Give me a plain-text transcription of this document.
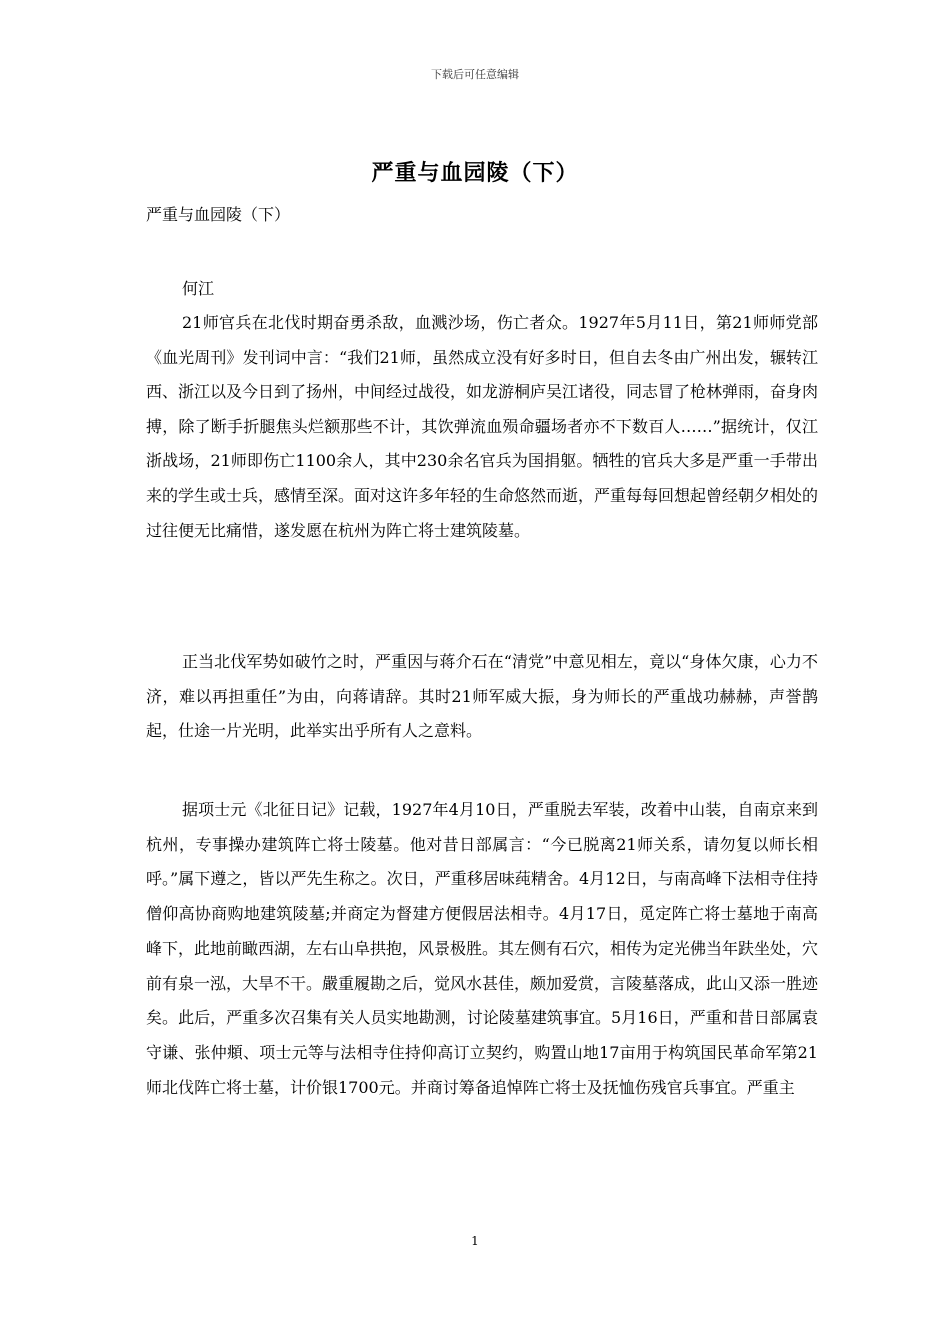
下载后可任意编辑
严重与血园陵（下）
严重与血园陵（下）
何江

21师官兵在北伐时期奋勇杀敌，血溅沙场，伤亡者众。1927年5月11日，第21师师党部《血光周刊》发刊词中言：“我们21师，虽然成立没有好多时日，但自去冬由广州出发，辗转江西、浙江以及今日到了扬州，中间经过战役，如龙游桐庐吴江诸役，同志冒了枪林弹雨，奋身肉搏，除了断手折腿焦头烂额那些不计，其饮弹流血殒命疆场者亦不下数百人……”据统计，仅江浙战场，21师即伤亡1100余人，其中230余名官兵为国捐躯。牺牲的官兵大多是严重一手带出来的学生或士兵，感情至深。面对这许多年轻的生命悠然而逝，严重每每回想起曾经朝夕相处的过往便无比痛惜，遂发愿在杭州为阵亡将士建筑陵墓。

正当北伐军势如破竹之时，严重因与蒋介石在“清党”中意见相左，竟以“身体欠康，心力不济，难以再担重任”为由，向蒋请辞。其时21师军威大振，身为师长的严重战功赫赫，声誉鹊起，仕途一片光明，此举实出乎所有人之意料。

据项士元《北征日记》记载，1927年4月10日，严重脱去军装，改着中山装，自南京来到杭州，专事操办建筑阵亡将士陵墓。他对昔日部属言：“今已脱离21师关系，请勿复以师长相呼。”属下遵之，皆以严先生称之。次日，严重移居味莼精舍。4月12日，与南高峰下法相寺住持僧仰高协商购地建筑陵墓;并商定为督建方便假居法相寺。4月17日，觅定阵亡将士墓地于南高峰下，此地前瞰西湖，左右山阜拱抱，风景极胜。其左侧有石穴，相传为定光佛当年趺坐处，穴前有泉一泓，大旱不干。嚴重履勘之后，觉风水甚佳，颇加爱赏，言陵墓落成，此山又添一胜迹矣。此后，严重多次召集有关人员实地勘测，讨论陵墓建筑事宜。5月16日，严重和昔日部属袁守谦、张仲頫、项士元等与法相寺住持仰高订立契约，购置山地17亩用于构筑国民革命军第21师北伐阵亡将士墓，计价银1700元。并商讨筹备追悼阵亡将士及抚恤伤残官兵事宜。严重主

1
